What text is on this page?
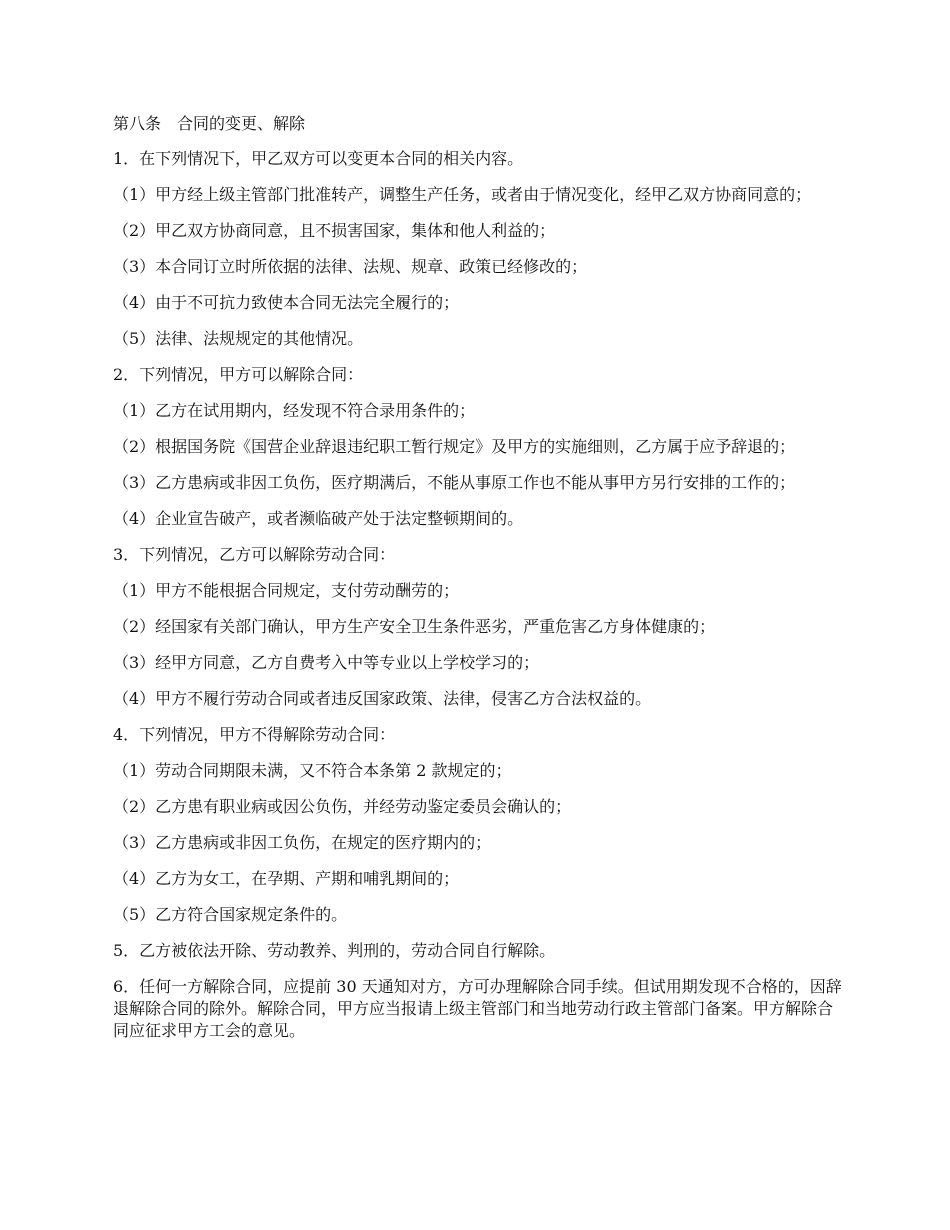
第八条　合同的变更、解除

1．在下列情况下，甲乙双方可以变更本合同的相关内容。

（1）甲方经上级主管部门批准转产，调整生产任务，或者由于情况变化，经甲乙双方协商同意的；

（2）甲乙双方协商同意，且不损害国家，集体和他人利益的；

（3）本合同订立时所依据的法律、法规、规章、政策已经修改的；

（4）由于不可抗力致使本合同无法完全履行的；

（5）法律、法规规定的其他情况。

2．下列情况，甲方可以解除合同：

（1）乙方在试用期内，经发现不符合录用条件的；

（2）根据国务院《国营企业辞退违纪职工暂行规定》及甲方的实施细则，乙方属于应予辞退的；

（3）乙方患病或非因工负伤，医疗期满后，不能从事原工作也不能从事甲方另行安排的工作的；

（4）企业宣告破产，或者濒临破产处于法定整顿期间的。

3．下列情况，乙方可以解除劳动合同：

（1）甲方不能根据合同规定，支付劳动酬劳的；

（2）经国家有关部门确认，甲方生产安全卫生条件恶劣，严重危害乙方身体健康的；

（3）经甲方同意，乙方自费考入中等专业以上学校学习的；

（4）甲方不履行劳动合同或者违反国家政策、法律，侵害乙方合法权益的。

4．下列情况，甲方不得解除劳动合同：

（1）劳动合同期限未满，又不符合本条第 2 款规定的；

（2）乙方患有职业病或因公负伤，并经劳动鉴定委员会确认的；

（3）乙方患病或非因工负伤，在规定的医疗期内的；

（4）乙方为女工，在孕期、产期和哺乳期间的；

（5）乙方符合国家规定条件的。

5．乙方被依法开除、劳动教养、判刑的，劳动合同自行解除。

6．任何一方解除合同，应提前 30 天通知对方，方可办理解除合同手续。但试用期发现不合格的，因辞退解除合同的除外。解除合同，甲方应当报请上级主管部门和当地劳动行政主管部门备案。甲方解除合同应征求甲方工会的意见。
